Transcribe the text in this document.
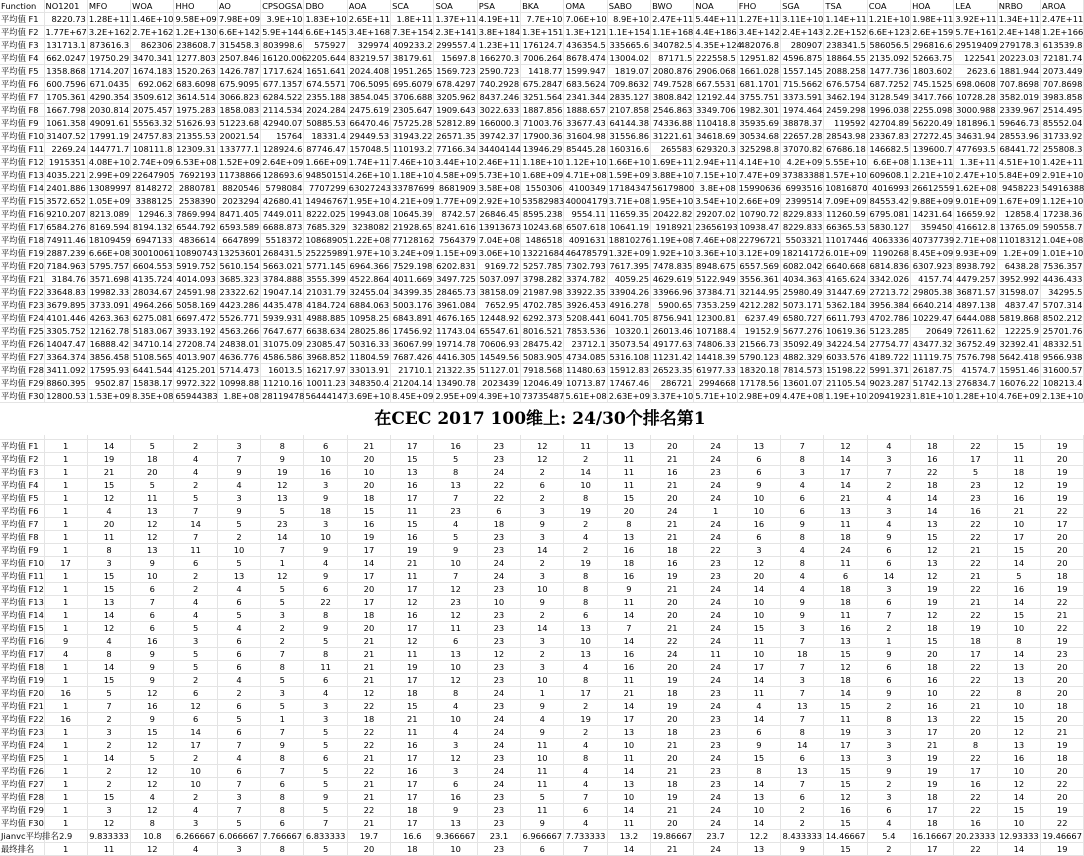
Function	NO1201	MFO	WOA	HHO	AO	CPSOGSA	DBO	AOA	SCA	SOA	PSA	BKA	OMA	SABO	BWO	NOA	FHO	SGA	TSA	COA	HOA	LEA	NRBO	AROA
平均值 F1	8220.73	1.28E+11	1.46E+10	9.58E+09	7.98E+09	3.9E+10	1.83E+10	2.65E+11	1.8E+11	1.37E+11	4.19E+11	7.7E+10	7.06E+10	8.9E+10	2.47E+11	5.44E+11	1.27E+11	3.11E+10	1.14E+11	1.21E+10	1.98E+11	3.92E+11	1.34E+11	2.47E+11
平均值 F2	1.77E+67	3.2E+162	2.7E+162	1.2E+130	6.6E+142	5.9E+144	6.6E+145	3.4E+168	7.3E+154	2.3E+141	3.8E+184	1.3E+151	1.3E+121	1.1E+154	1.1E+168	4.4E+186	3.4E+142	2.4E+143	2.2E+152	6.6E+123	2.6E+159	5.7E+161	2.4E+148	1.2E+166
平均值 F3	131713.1	873616.3	862306	238608.7	315458.3	803998.6	575927	329974	409233.2	299557.4	1.23E+11	176124.7	436354.5	335665.6	340782.5	4.35E+124	482076.8	280907	238341.5	586056.5	296816.6	29519409	279178.3	613539.8
平均值 F4	662.0247	19750.29	3470.341	1277.803	2507.846	16120.006	2205.644	83219.57	38179.61	15697.8	166270.3	7006.264	8678.474	13004.02	87171.5	222558.5	12951.82	4596.875	18864.55	2135.092	52663.75	122541	20223.03	72181.74
平均值 F5	1358.868	1714.207	1674.183	1520.263	1426.787	1717.624	1651.641	2024.408	1951.265	1569.723	2590.723	1418.77	1599.947	1819.07	2080.876	2906.068	1661.028	1557.145	2088.258	1477.736	1803.602	2623.6	1881.944	2073.449
平均值 F6	600.7596	671.0435	692.062	683.6098	675.9095	677.1357	674.5571	706.5095	695.6079	678.4297	740.2928	675.2847	683.5624	709.8632	749.7528	667.5531	681.1701	715.5662	676.5754	687.7252	745.1525	698.0608	707.8698	707.8698
平均值 F7	1705.361	4290.354	3509.612	3614.514	3066.823	6284.522	2355.188	3854.045	3706.688	3205.962	8437.246	3251.564	2341.344	2835.127	3808.842	12192.44	3755.751	3373.591	3462.194	3128.549	3417.766	10728.28	3582.019	3983.858
平均值 F8	1667.798	2030.814	2075.457	1975.283	1858.083	2114.534	2024.284	2475.619	2305.647	1909.643	3022.633	1887.856	1888.657	2107.858	2546.863	3349.706	1982.301	1974.464	2459.298	1996.038	2255.098	3000.988	2339.967	2514.495
平均值 F9	1061.358	49091.61	55563.32	51626.93	51223.68	42940.07	50885.53	66470.46	75725.28	52812.89	166000.3	71003.76	33677.43	64144.38	74336.88	110418.8	35935.69	38878.37	119592	42704.89	56220.49	181896.1	59646.73	85552.04
平均值 F10	31407.52	17991.19	24757.83	21355.53	20021.54	15764	18331.4	29449.53	31943.22	26571.35	39742.37	17900.36	31604.98	31556.86	31221.61	34618.69	30534.68	22657.28	28543.98	23367.83	27272.45	34631.94	28553.96	31733.92
平均值 F11	2269.24	144771.7	108111.8	12309.31	133777.1	128924.6	87746.47	157048.5	110193.2	77166.34	34404144	13946.29	85445.28	160316.6	265583	629320.3	325298.8	37070.82	67686.18	146682.5	139600.7	477693.5	68441.72	255808.3
平均值 F12	1915351	4.08E+10	2.74E+09	6.53E+08	1.52E+09	2.64E+09	1.66E+09	1.74E+11	7.46E+10	3.44E+10	2.46E+11	1.18E+10	1.12E+10	1.66E+10	1.69E+11	2.94E+11	4.14E+10	4.2E+09	5.55E+10	6.6E+08	1.13E+11	1.3E+11	4.51E+10	1.42E+11
平均值 F13	4035.221	2.99E+09	22647905	7692193	11738866	128693.6	94850151	4.26E+10	1.18E+10	4.58E+09	5.73E+10	1.68E+09	4.71E+08	1.59E+09	3.88E+10	7.15E+10	7.47E+09	37383388	1.57E+10	609608.1	2.21E+10	2.47E+10	5.84E+09	2.91E+10
平均值 F14	2401.886	13089997	8148272	2880781	8820546	5798084	7707299	63027243	33787699	8681909	3.58E+08	1550306	4100349	17184347	56179800	3.8E+08	15990636	6993516	10816870	4016993	26612559	1.62E+08	9458223	54916388
平均值 F15	3572.652	1.05E+09	3388125	2538390	2023294	42680.41	14946767	1.95E+10	4.21E+09	1.77E+09	2.92E+10	53582983	40004179	3.71E+08	1.95E+10	3.54E+10	2.66E+09	2399514	7.09E+09	84553.42	9.88E+09	9.01E+09	1.67E+09	1.12E+10
平均值 F16	9210.207	8213.089	12946.3	7869.994	8471.405	7449.011	8222.025	19943.08	10645.39	8742.57	26846.45	8595.238	9554.11	11659.35	20422.82	29207.02	10790.72	8229.833	11260.59	6795.081	14231.64	16659.92	12858.4	17238.36
平均值 F17	6584.276	8169.594	8194.132	6544.792	6593.589	6688.873	7685.329	3238082	21928.65	8241.616	13913673	10243.68	6507.618	10641.19	1918921	23656193	10938.47	8229.833	66365.53	5830.127	359450	416612.8	13765.09	590558.7
平均值 F18	74911.46	18109459	6947133	4836614	6647899	5518372	10868905	1.22E+08	77128162	7564379	7.04E+08	1486518	4091631	18810276	1.19E+08	7.46E+08	22796721	5503321	11017446	4063336	40737739	2.71E+08	11018312	1.04E+08
平均值 F19	2887.239	6.66E+08	30010061	10890743	13253601	268431.5	25225989	1.97E+10	3.24E+09	1.15E+09	3.06E+10	13221684	46478579	1.32E+09	1.92E+10	3.36E+10	3.12E+09	18214172	6.01E+09	1190268	8.45E+09	9.93E+09	1.2E+09	1.01E+10
平均值 F20	7184.963	5795.757	6604.553	5919.752	5610.154	5663.021	5771.145	6964.366	7529.198	6202.831	9169.72	5257.785	7302.793	7617.395	7478.835	8948.675	6557.569	6082.042	6640.668	6814.836	6307.923	8938.792	6438.28	7536.357
平均值 F21	3184.76	3571.698	4135.724	4014.093	3685.323	3784.888	3555.399	4522.864	4011.669	3497.725	5037.097	3798.282	3374.782	4059.25	4629.619	5122.949	3556.361	4034.363	4165.624	3342.026	4157.74	4479.257	3952.992	4436.433
平均值 F22	33648.83	19982.33	28034.67	24591.98	23322.62	19047.14	21031.79	32455.04	34399.35	28465.73	38158.09	21987.98	33922.35	33904.26	33966.96	37384.71	32144.95	25980.49	31447.69	27213.72	29805.38	36871.57	31598.07	34295.5
平均值 F23	3679.895	3733.091	4964.266	5058.169	4423.286	4435.478	4184.724	6884.063	5003.176	3961.084	7652.95	4702.785	3926.453	4916.278	5900.65	7353.259	4212.282	5073.171	5362.184	3956.384	6640.214	4897.138	4837.47	5707.314
平均值 F24	4101.446	4263.363	6275.081	6697.472	5526.771	5939.931	4988.885	10958.25	6843.891	4676.165	12448.92	6292.373	5208.441	6041.705	8756.941	12300.81	6237.49	6580.727	6611.793	4702.786	10229.47	6444.088	5819.868	8502.212
平均值 F25	3305.752	12162.78	5183.067	3933.192	4563.266	7647.677	6638.634	28025.86	17456.92	11743.04	65547.61	8016.521	7853.536	10320.1	26013.46	107188.4	19152.9	5677.276	10619.36	5123.285	20649	72611.62	12225.9	25701.76
平均值 F26	14047.47	16888.42	34710.14	27208.74	24838.01	31075.09	23085.47	50316.33	36067.99	19714.78	70606.93	28475.42	23712.1	35073.54	49177.63	74806.33	21566.73	35092.49	34224.54	27754.77	43477.32	36752.49	32392.41	48332.51
平均值 F27	3364.374	3856.458	5108.565	4013.907	4636.776	4586.586	3968.852	11804.59	7687.426	4416.305	14549.56	5083.905	4734.085	5316.108	11231.42	14418.39	5790.123	4882.329	6033.576	4189.722	11119.75	7576.798	5642.418	9566.938
平均值 F28	3411.092	17595.93	6441.544	4125.201	5714.473	16013.5	16217.97	33013.91	21710.1	21322.35	51127.01	7918.568	11480.63	15912.83	26523.35	61977.33	18320.18	7814.573	15198.22	5991.371	26187.75	41574.7	15951.46	31600.57
平均值 F29	8860.395	9502.87	15838.17	9972.322	10998.88	11210.16	10011.23	348350.4	21204.14	13490.78	2023439	12046.49	10713.87	17467.46	286721	2994668	17178.56	13601.07	21105.54	9023.287	51742.13	276834.7	16076.22	108213.4
平均值 F30	12800.53	1.53E+09	8.35E+08	65944383	1.8E+08	28119478	56444147	3.69E+10	8.45E+09	2.95E+09	4.39E+10	73735487	5.61E+08	2.63E+09	3.37E+10	5.71E+10	2.98E+09	4.47E+08	1.19E+10	20941923	1.81E+10	1.28E+10	4.76E+09	2.13E+10
在CEC 2017 100维上: 24/30个排名第1

平均值 F1	1	14	5	2	3	8	6	21	17	16	23	12	11	13	20	24	13	7	12	4	18	22	15	19
平均值 F2	1	19	18	4	7	9	10	20	15	5	23	12	2	11	21	24	6	8	14	3	16	17	11	20
平均值 F3	1	21	20	4	9	19	16	10	13	8	24	2	14	11	16	23	6	3	17	7	22	5	18	19
平均值 F4	1	15	5	2	4	12	3	20	16	13	22	6	10	11	21	24	9	4	14	2	18	23	12	19
平均值 F5	1	12	11	5	3	13	9	18	17	7	22	2	8	15	20	24	10	6	21	4	14	23	16	19
平均值 F6	1	4	13	7	9	5	18	15	11	23	6	3	19	20	24	1	10	6	13	3	14	16	21	22
平均值 F7	1	20	12	14	5	23	3	16	15	4	18	9	2	8	21	24	16	9	11	4	13	22	10	17
平均值 F8	1	11	12	7	2	14	10	19	16	5	23	3	4	13	21	24	6	8	18	9	15	22	17	20
平均值 F9	1	8	13	11	10	7	9	17	19	9	23	14	2	16	18	22	3	4	24	6	12	21	15	20
平均值 F10	17	3	9	6	5	1	4	14	21	10	24	2	19	18	16	23	12	8	11	6	13	22	14	20
平均值 F11	1	15	10	2	13	12	9	17	11	7	24	3	8	16	19	23	20	4	6	14	12	21	5	18
平均值 F12	1	15	6	2	4	5	6	20	17	12	23	10	8	9	21	24	14	4	18	3	19	22	16	19
平均值 F13	1	13	7	4	6	5	22	17	12	23	10	9	8	11	20	24	10	9	18	6	19	21	14	22
平均值 F14	1	14	6	4	5	3	8	18	16	12	23	2	6	14	20	24	10	9	11	7	12	22	15	21
平均值 F15	1	12	6	5	4	2	9	20	17	11	23	14	13	7	21	24	15	3	16	2	18	19	10	22
平均值 F16	9	4	16	3	6	2	5	21	12	6	23	3	10	14	22	24	11	7	13	1	15	18	8	19
平均值 F17	4	8	9	5	6	7	8	21	11	13	12	2	13	16	24	11	10	18	15	9	20	17	14	23
平均值 F18	1	14	9	5	6	8	11	21	19	10	23	3	4	16	20	24	17	7	12	6	18	22	13	20
平均值 F19	1	15	9	2	4	5	6	21	17	12	23	10	8	11	19	24	14	3	18	6	16	22	13	20
平均值 F20	16	5	12	6	2	3	4	12	18	8	24	1	17	21	18	23	11	7	14	9	10	22	8	20
平均值 F21	1	7	16	12	6	5	3	22	15	4	23	9	2	14	19	24	4	13	15	2	16	21	10	18
平均值 F22	16	2	9	6	5	1	3	18	21	10	24	4	19	17	20	23	14	7	11	8	13	22	15	20
平均值 F23	1	3	15	14	6	7	5	22	11	4	24	9	2	13	18	23	6	8	19	3	17	20	12	21
平均值 F24	1	2	12	17	7	9	5	22	16	3	24	11	4	10	21	23	9	14	17	3	21	8	13	19
平均值 F25	1	14	5	2	4	8	6	21	17	12	23	10	8	11	20	24	15	6	13	3	19	22	16	18
平均值 F26	1	2	12	10	6	7	5	22	16	3	24	11	4	14	21	23	8	13	15	9	19	17	10	20
平均值 F27	1	2	12	10	7	6	5	21	17	6	24	11	4	13	18	23	14	7	15	2	19	16	12	22
平均值 F28	1	15	4	2	3	8	9	21	17	16	23	5	7	10	19	24	13	6	12	3	18	22	14	20
平均值 F29	1	3	12	4	7	8	5	22	18	9	23	11	6	14	21	24	10	2	16	6	17	22	15	19
平均值 F30	1	12	8	3	5	6	7	21	17	13	23	9	4	11	20	24	14	2	15	4	18	16	10	22
Jianvc平均排名	2.9	9.833333	10.8	6.266667	6.066667	7.766667	6.833333	19.7	16.6	9.366667	23.1	6.966667	7.733333	13.2	19.86667	23.7	12.2	8.433333	14.46667	5.4	16.16667	20.23333	12.93333	19.46667
最终排名	1	11	12	4	3	8	5	20	18	10	23	6	7	14	21	24	13	9	15	2	17	22	14	19
